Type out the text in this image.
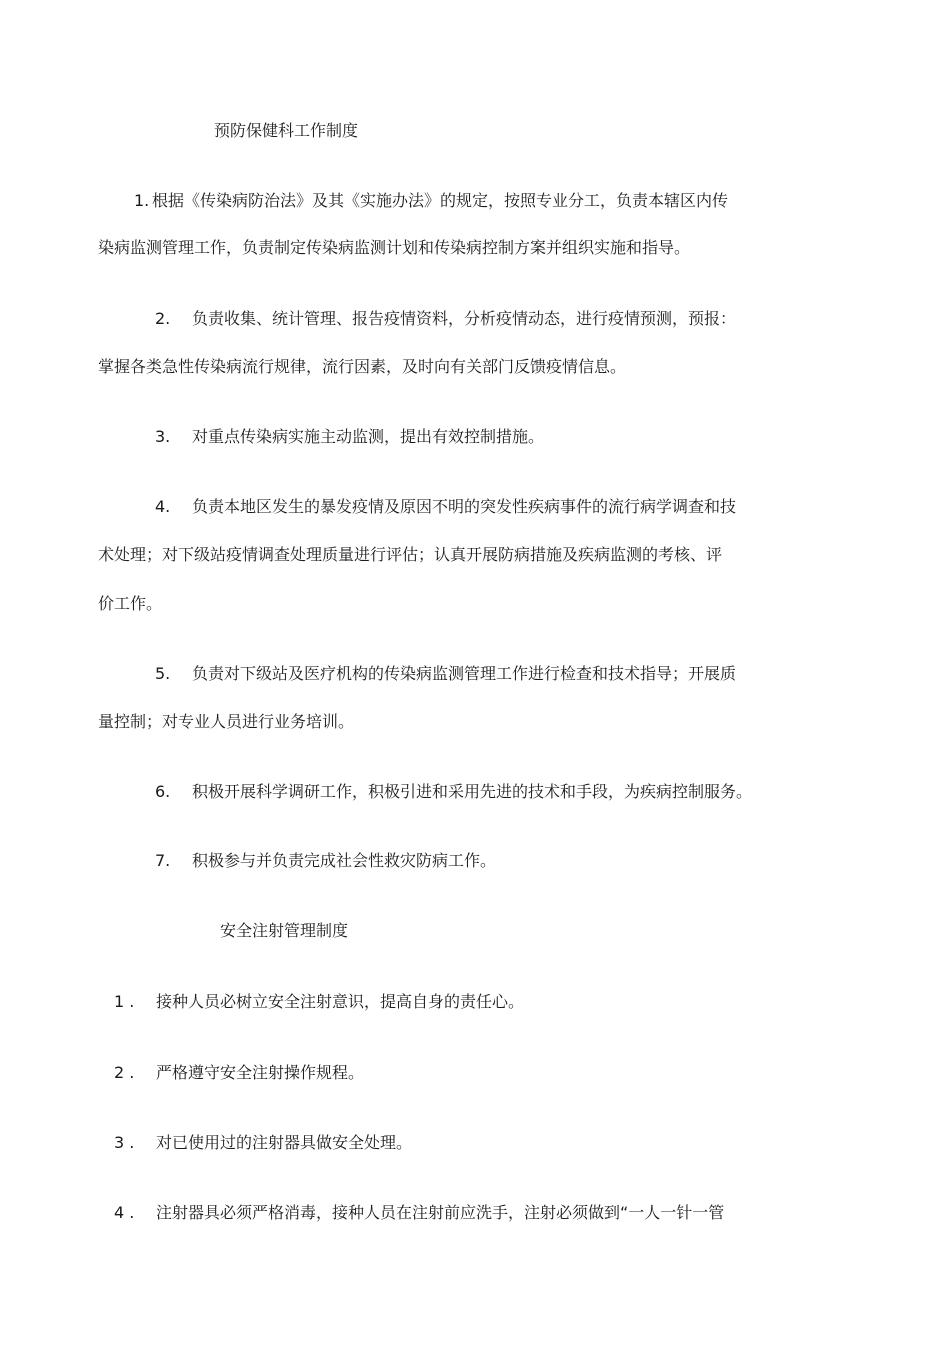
预防保健科工作制度
1. 根据《传染病防治法》及其《实施办法》的规定，按照专业分工，负责本辖区内传
染病监测管理工作，负责制定传染病监测计划和传染病控制方案并组织实施和指导。
2. 负责收集、统计管理、报告疫情资料，分析疫情动态，进行疫情预测，预报：
掌握各类急性传染病流行规律，流行因素，及时向有关部门反馈疫情信息。
3. 对重点传染病实施主动监测，提出有效控制措施。
4. 负责本地区发生的暴发疫情及原因不明的突发性疾病事件的流行病学调查和技
术处理；对下级站疫情调查处理质量进行评估；认真开展防病措施及疾病监测的考核、评
价工作。
5. 负责对下级站及医疗机构的传染病监测管理工作进行检查和技术指导；开展质
量控制；对专业人员进行业务培训。
6. 积极开展科学调研工作，积极引进和采用先进的技术和手段，为疾病控制服务。
7. 积极参与并负责完成社会性救灾防病工作。
安全注射管理制度
1 . 接种人员必树立安全注射意识，提高自身的责任心。
2 . 严格遵守安全注射操作规程。
3 . 对已使用过的注射器具做安全处理。
4 . 注射器具必须严格消毒，接种人员在注射前应洗手，注射必须做到“一人一针一管
